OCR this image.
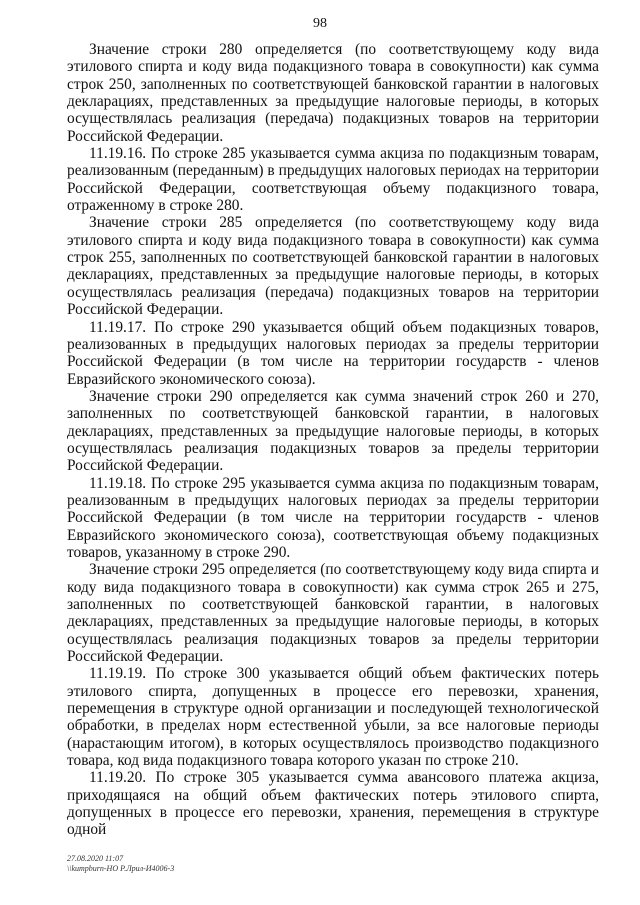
98

Значение строки 280 определяется (по соответствующему коду вида этилового спирта и коду вида подакцизного товара в совокупности) как сумма строк 250, заполненных по соответствующей банковской гарантии в налоговых декларациях, представленных за предыдущие налоговые периоды, в которых осуществлялась реализация (передача) подакцизных товаров на территории Российской Федерации.

11.19.16. По строке 285 указывается сумма акциза по подакцизным товарам, реализованным (переданным) в предыдущих налоговых периодах на территории Российской Федерации, соответствующая объему подакцизного товара, отраженному в строке 280.

Значение строки 285 определяется (по соответствующему коду вида этилового спирта и коду вида подакцизного товара в совокупности) как сумма строк 255, заполненных по соответствующей банковской гарантии в налоговых декларациях, представленных за предыдущие налоговые периоды, в которых осуществлялась реализация (передача) подакцизных товаров на территории Российской Федерации.

11.19.17. По строке 290 указывается общий объем подакцизных товаров, реализованных в предыдущих налоговых периодах за пределы территории Российской Федерации (в том числе на территории государств - членов Евразийского экономического союза).

Значение строки 290 определяется как сумма значений строк 260 и 270, заполненных по соответствующей банковской гарантии, в налоговых декларациях, представленных за предыдущие налоговые периоды, в которых осуществлялась реализация подакцизных товаров за пределы территории Российской Федерации.

11.19.18. По строке 295 указывается сумма акциза по подакцизным товарам, реализованным в предыдущих налоговых периодах за пределы территории Российской Федерации (в том числе на территории государств - членов Евразийского экономического союза), соответствующая объему подакцизных товаров, указанному в строке 290.

Значение строки 295 определяется (по соответствующему коду вида спирта и коду вида подакцизного товара в совокупности) как сумма строк 265 и 275, заполненных по соответствующей банковской гарантии, в налоговых декларациях, представленных за предыдущие налоговые периоды, в которых осуществлялась реализация подакцизных товаров за пределы территории Российской Федерации.

11.19.19. По строке 300 указывается общий объем фактических потерь этилового спирта, допущенных в процессе его перевозки, хранения, перемещения в структуре одной организации и последующей технологической обработки, в пределах норм естественной убыли, за все налоговые периоды (нарастающим итогом), в которых осуществлялось производство подакцизного товара, код вида подакцизного товара которого указан по строке 210.

11.19.20. По строке 305 указывается сумма авансового платежа акциза, приходящаяся на общий объем фактических потерь этилового спирта, допущенных в процессе его перевозки, хранения, перемещения в структуре одной

27.08.2020 11:07
\\kumpburn-НО Р.Лрил-И4006-3
